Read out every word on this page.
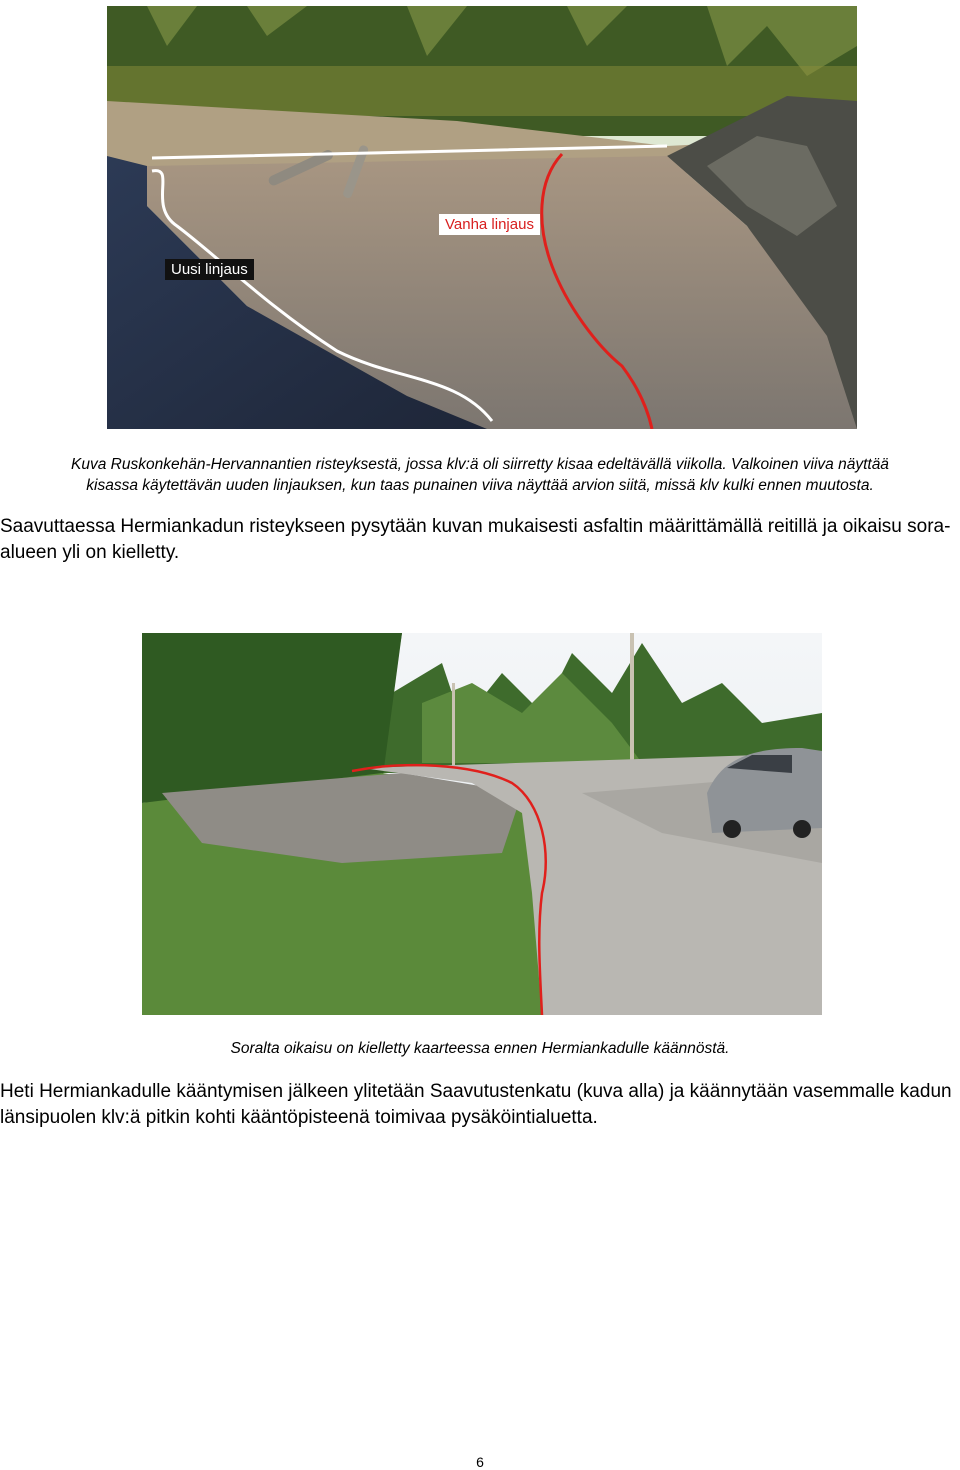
Uusi linjaus
Vanha linjaus
Kuva Ruskonkehän-Hervannantien risteyksestä, jossa klv:ä oli siirretty kisaa edeltävällä viikolla. Valkoinen viiva näyttää
kisassa käytettävän uuden linjauksen, kun taas punainen viiva näyttää arvion siitä, missä klv kulki ennen muutosta.
Saavuttaessa Hermiankadun risteykseen pysytään kuvan mukaisesti asfaltin määrittämällä reitillä ja oikaisu sora-alueen yli on kielletty.
Soralta oikaisu on kielletty kaarteessa ennen Hermiankadulle käännöstä.
Heti Hermiankadulle kääntymisen jälkeen ylitetään Saavutustenkatu (kuva alla) ja käännytään vasemmalle kadun länsipuolen klv:ä pitkin kohti kääntöpisteenä toimivaa pysäköintialuetta.
6
